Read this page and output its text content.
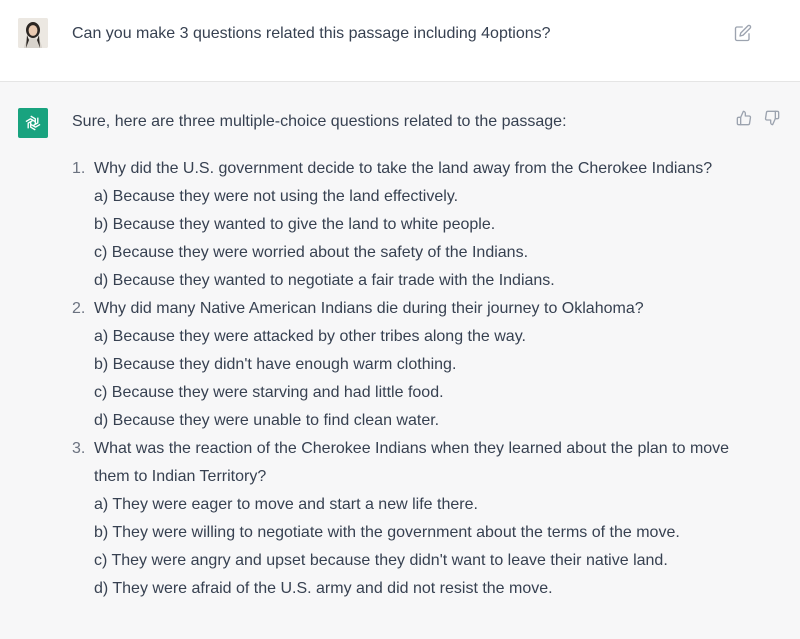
Can you make 3 questions related this passage including 4options?
Sure, here are three multiple-choice questions related to the passage:
1. Why did the U.S. government decide to take the land away from the Cherokee Indians?
a) Because they were not using the land effectively.
b) Because they wanted to give the land to white people.
c) Because they were worried about the safety of the Indians.
d) Because they wanted to negotiate a fair trade with the Indians.
2. Why did many Native American Indians die during their journey to Oklahoma?
a) Because they were attacked by other tribes along the way.
b) Because they didn't have enough warm clothing.
c) Because they were starving and had little food.
d) Because they were unable to find clean water.
3. What was the reaction of the Cherokee Indians when they learned about the plan to move them to Indian Territory?
a) They were eager to move and start a new life there.
b) They were willing to negotiate with the government about the terms of the move.
c) They were angry and upset because they didn't want to leave their native land.
d) They were afraid of the U.S. army and did not resist the move.
